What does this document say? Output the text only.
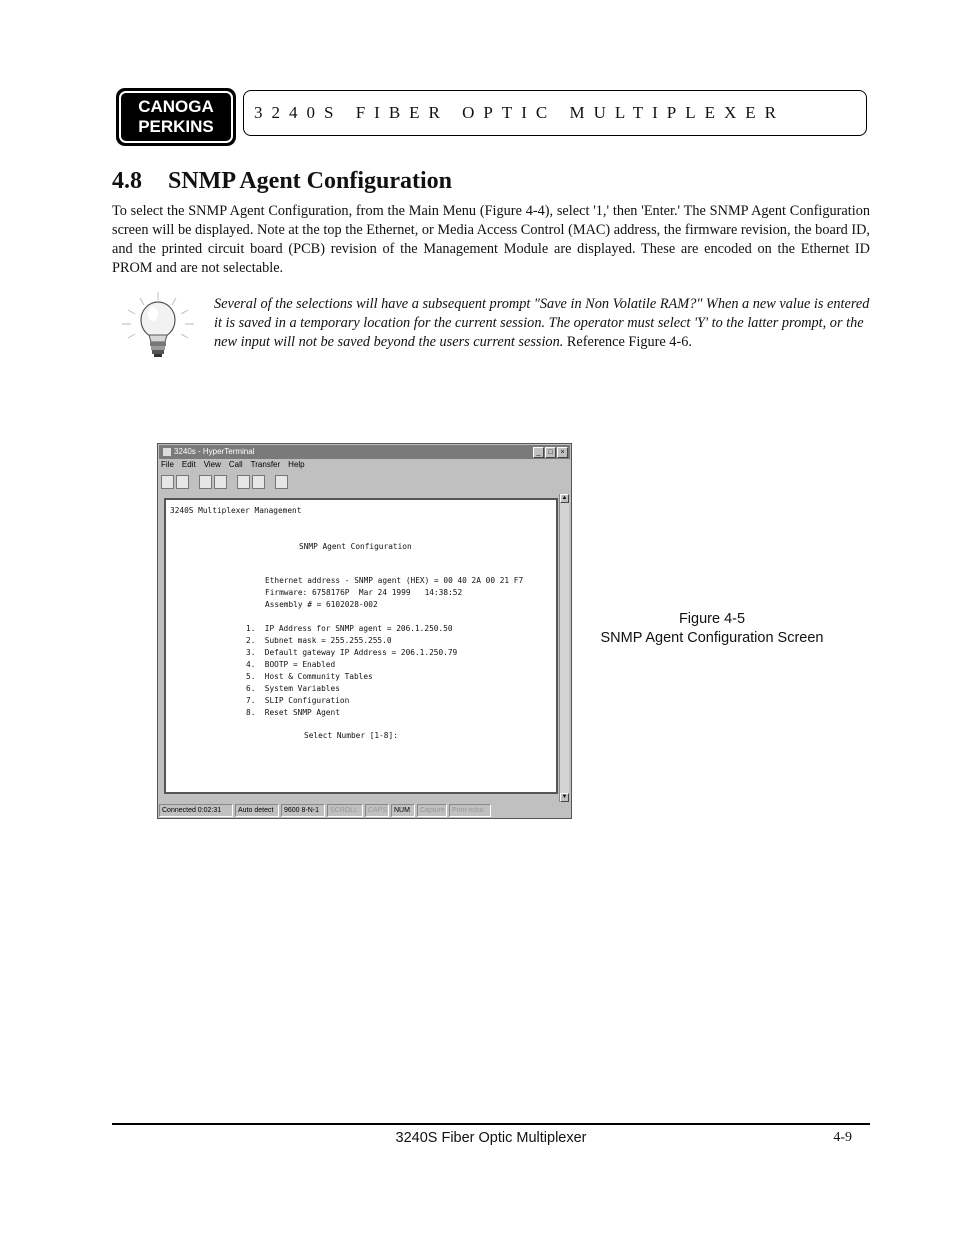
CANOGA
PERKINS
3240S FIBER OPTIC MULTIPLEXER
4.8 SNMP Agent Configuration

To select the SNMP Agent Configuration, from the Main Menu (Figure 4-4), select '1,' then 'Enter.' The SNMP Agent Configuration screen will be displayed. Note at the top the Ethernet, or Media Access Control (MAC) address, the firmware revision, the board ID, and the printed circuit board (PCB) revision of the Management Module are displayed. These are encoded on the Ethernet ID PROM and are not selectable.

Several of the selections will have a subsequent prompt "Save in Non Volatile RAM?" When a new value is entered it is saved in a temporary location for the current session. The operator must select 'Y' to the latter prompt, or the new input will not be saved beyond the users current session. Reference Figure 4-6.

3240s - HyperTerminal	_	□	×
File Edit View Call Transfer Help
3240S Multiplexer Management
SNMP Agent Configuration
Ethernet address - SNMP agent (HEX) = 00 40 2A 00 21 F7
Firmware: 6758176P  Mar 24 1999   14:38:52
Assembly # = 6102028-002
1.  IP Address for SNMP agent = 206.1.250.50
2.  Subnet mask = 255.255.255.0
3.  Default gateway IP Address = 206.1.250.79
4.  BOOTP = Enabled
5.  Host & Community Tables
6.  System Variables
7.  SLIP Configuration
8.  Reset SNMP Agent
Select Number [1-8]:
▲
▼
Connected 0:02:31	Auto detect	9600 8-N-1	SCROLL	CAPS NUM	Capture	Print echo
Figure 4-5
SNMP Agent Configuration Screen
3240S Fiber Optic Multiplexer	4-9
